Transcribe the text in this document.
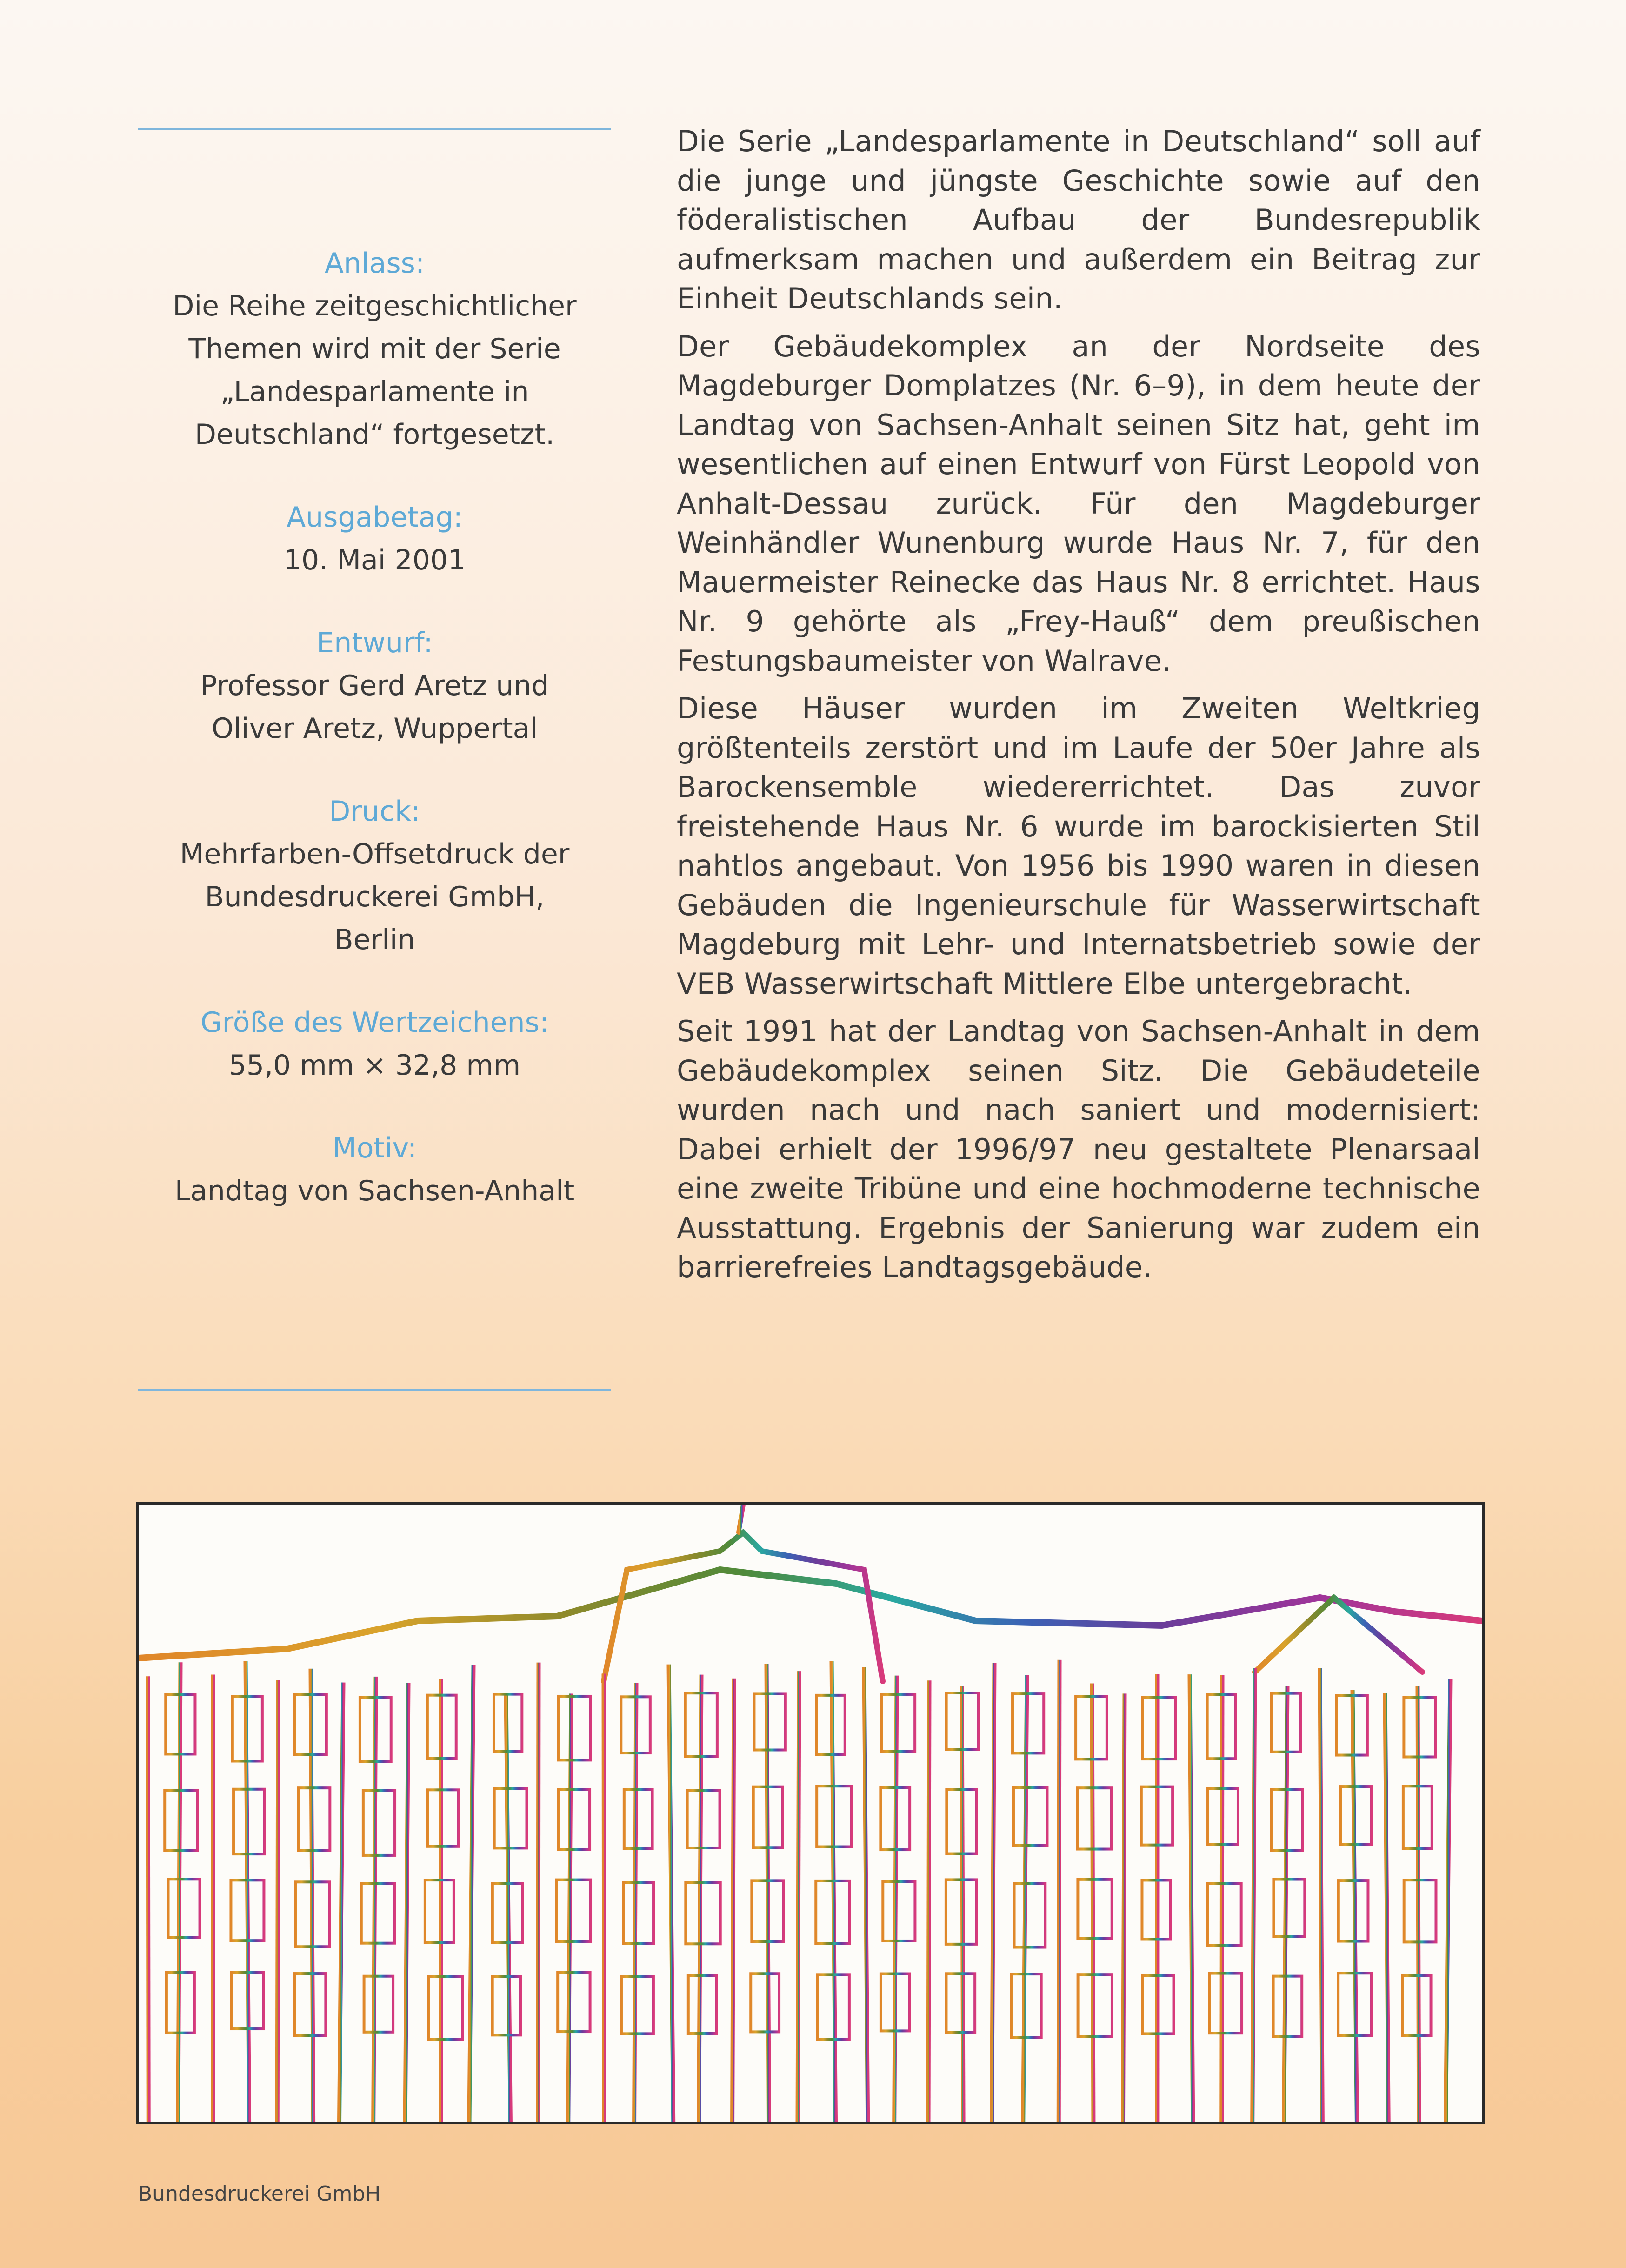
Anlass:
Die Reihe zeitgeschichtlicher
Themen wird mit der Serie
„Landesparlamente in
Deutschland“ fortgesetzt.
Ausgabetag:
10. Mai 2001
Entwurf:
Professor Gerd Aretz und
Oliver Aretz, Wuppertal
Druck:
Mehrfarben-Offsetdruck der
Bundesdruckerei GmbH,
Berlin
Größe des Wertzeichens:
55,0 mm × 32,8 mm
Motiv:
Landtag von Sachsen-Anhalt

Die Serie „Landesparlamente in Deutschland“ soll auf die junge und jüngste Geschichte sowie auf den föderalistischen Aufbau der Bundesrepublik aufmerksam machen und außerdem ein Beitrag zur Einheit Deutschlands sein.

Der Gebäudekomplex an der Nordseite des Magdeburger Domplatzes (Nr. 6–9), in dem heute der Landtag von Sachsen-Anhalt seinen Sitz hat, geht im wesentlichen auf einen Entwurf von Fürst Leopold von Anhalt-Dessau zurück. Für den Magdeburger Weinhändler Wunenburg wurde Haus Nr. 7, für den Mauermeister Reinecke das Haus Nr. 8 errichtet. Haus Nr. 9 gehörte als „Frey-Hauß“ dem preußischen Festungsbaumeister von Walrave.

Diese Häuser wurden im Zweiten Weltkrieg größtenteils zerstört und im Laufe der 50er Jahre als Barockensemble wiedererrichtet. Das zuvor freistehende Haus Nr. 6 wurde im barockisierten Stil nahtlos angebaut. Von 1956 bis 1990 waren in diesen Gebäuden die Ingenieurschule für Wasserwirtschaft Magdeburg mit Lehr- und Internatsbetrieb sowie der VEB Wasserwirtschaft Mittlere Elbe untergebracht.

Seit 1991 hat der Landtag von Sachsen-Anhalt in dem Gebäudekomplex seinen Sitz. Die Gebäudeteile wurden nach und nach saniert und modernisiert: Dabei erhielt der 1996/97 neu gestaltete Plenarsaal eine zweite Tribüne und eine hochmoderne technische Ausstattung. Ergebnis der Sanierung war zudem ein barrierefreies Landtagsgebäude.

Bundesdruckerei GmbH
